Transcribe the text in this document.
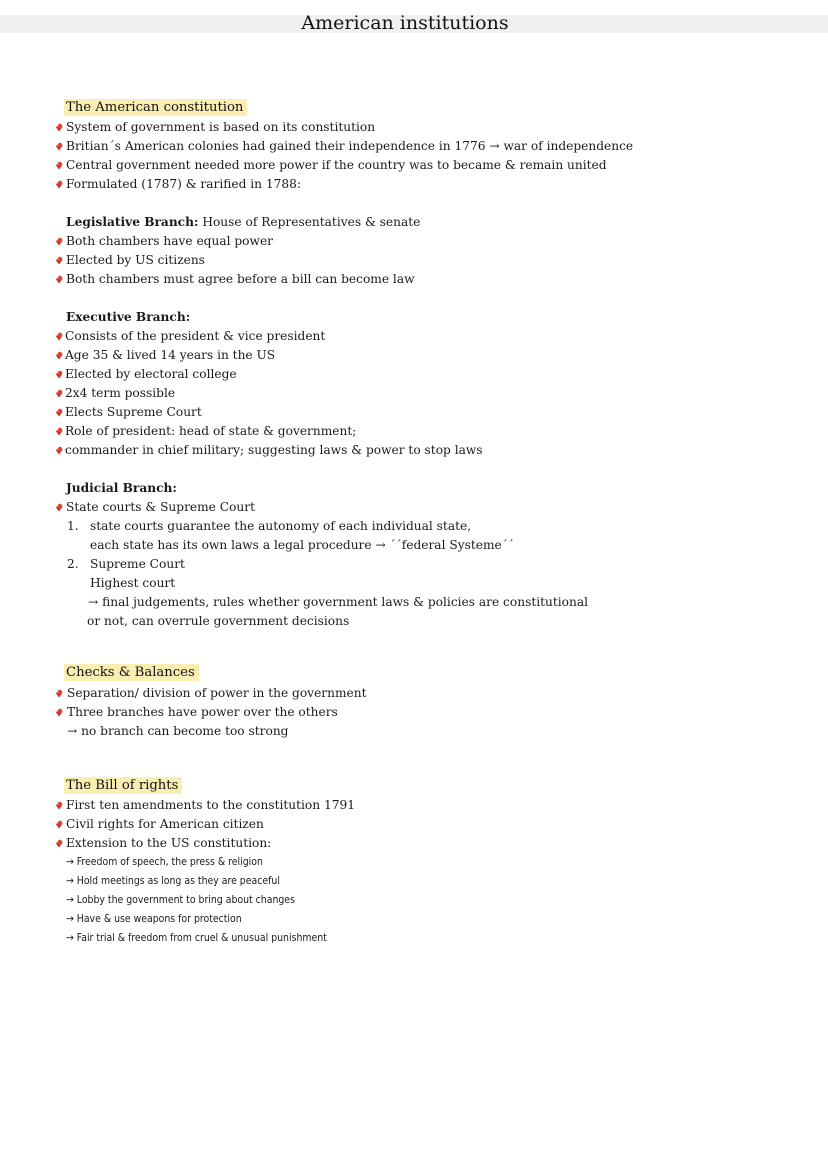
American institutions
The American constitution
System of government is based on its constitution
Britian´s American colonies had gained their independence in 1776 → war of independence
Central government needed more power if the country was to became & remain united
Formulated (1787) & rarified in 1788:
Legislative Branch: House of Representatives & senate
Both chambers have equal power
Elected by US citizens
Both chambers must agree before a bill can become law
Executive Branch:
Consists of the president & vice president
Age 35 & lived 14 years in the US
Elected by electoral college
2x4 term possible
Elects Supreme Court
Role of president: head of state & government;
commander in chief military; suggesting laws & power to stop laws
Judicial Branch:
State courts & Supreme Court
1. state courts guarantee the autonomy of each individual state,
each state has its own laws a legal procedure → ´´federal Systeme´´
2. Supreme Court
Highest court
→ final judgements, rules whether government laws & policies are constitutional
or not, can overrule government decisions
Checks & Balances
Separation/ division of power in the government
Three branches have power over the others
→ no branch can become too strong
The Bill of rights
First ten amendments to the constitution 1791
Civil rights for American citizen
Extension to the US constitution:
→ Freedom of speech, the press & religion
→ Hold meetings as long as they are peaceful
→ Lobby the government to bring about changes
→ Have & use weapons for protection
→ Fair trial & freedom from cruel & unusual punishment
